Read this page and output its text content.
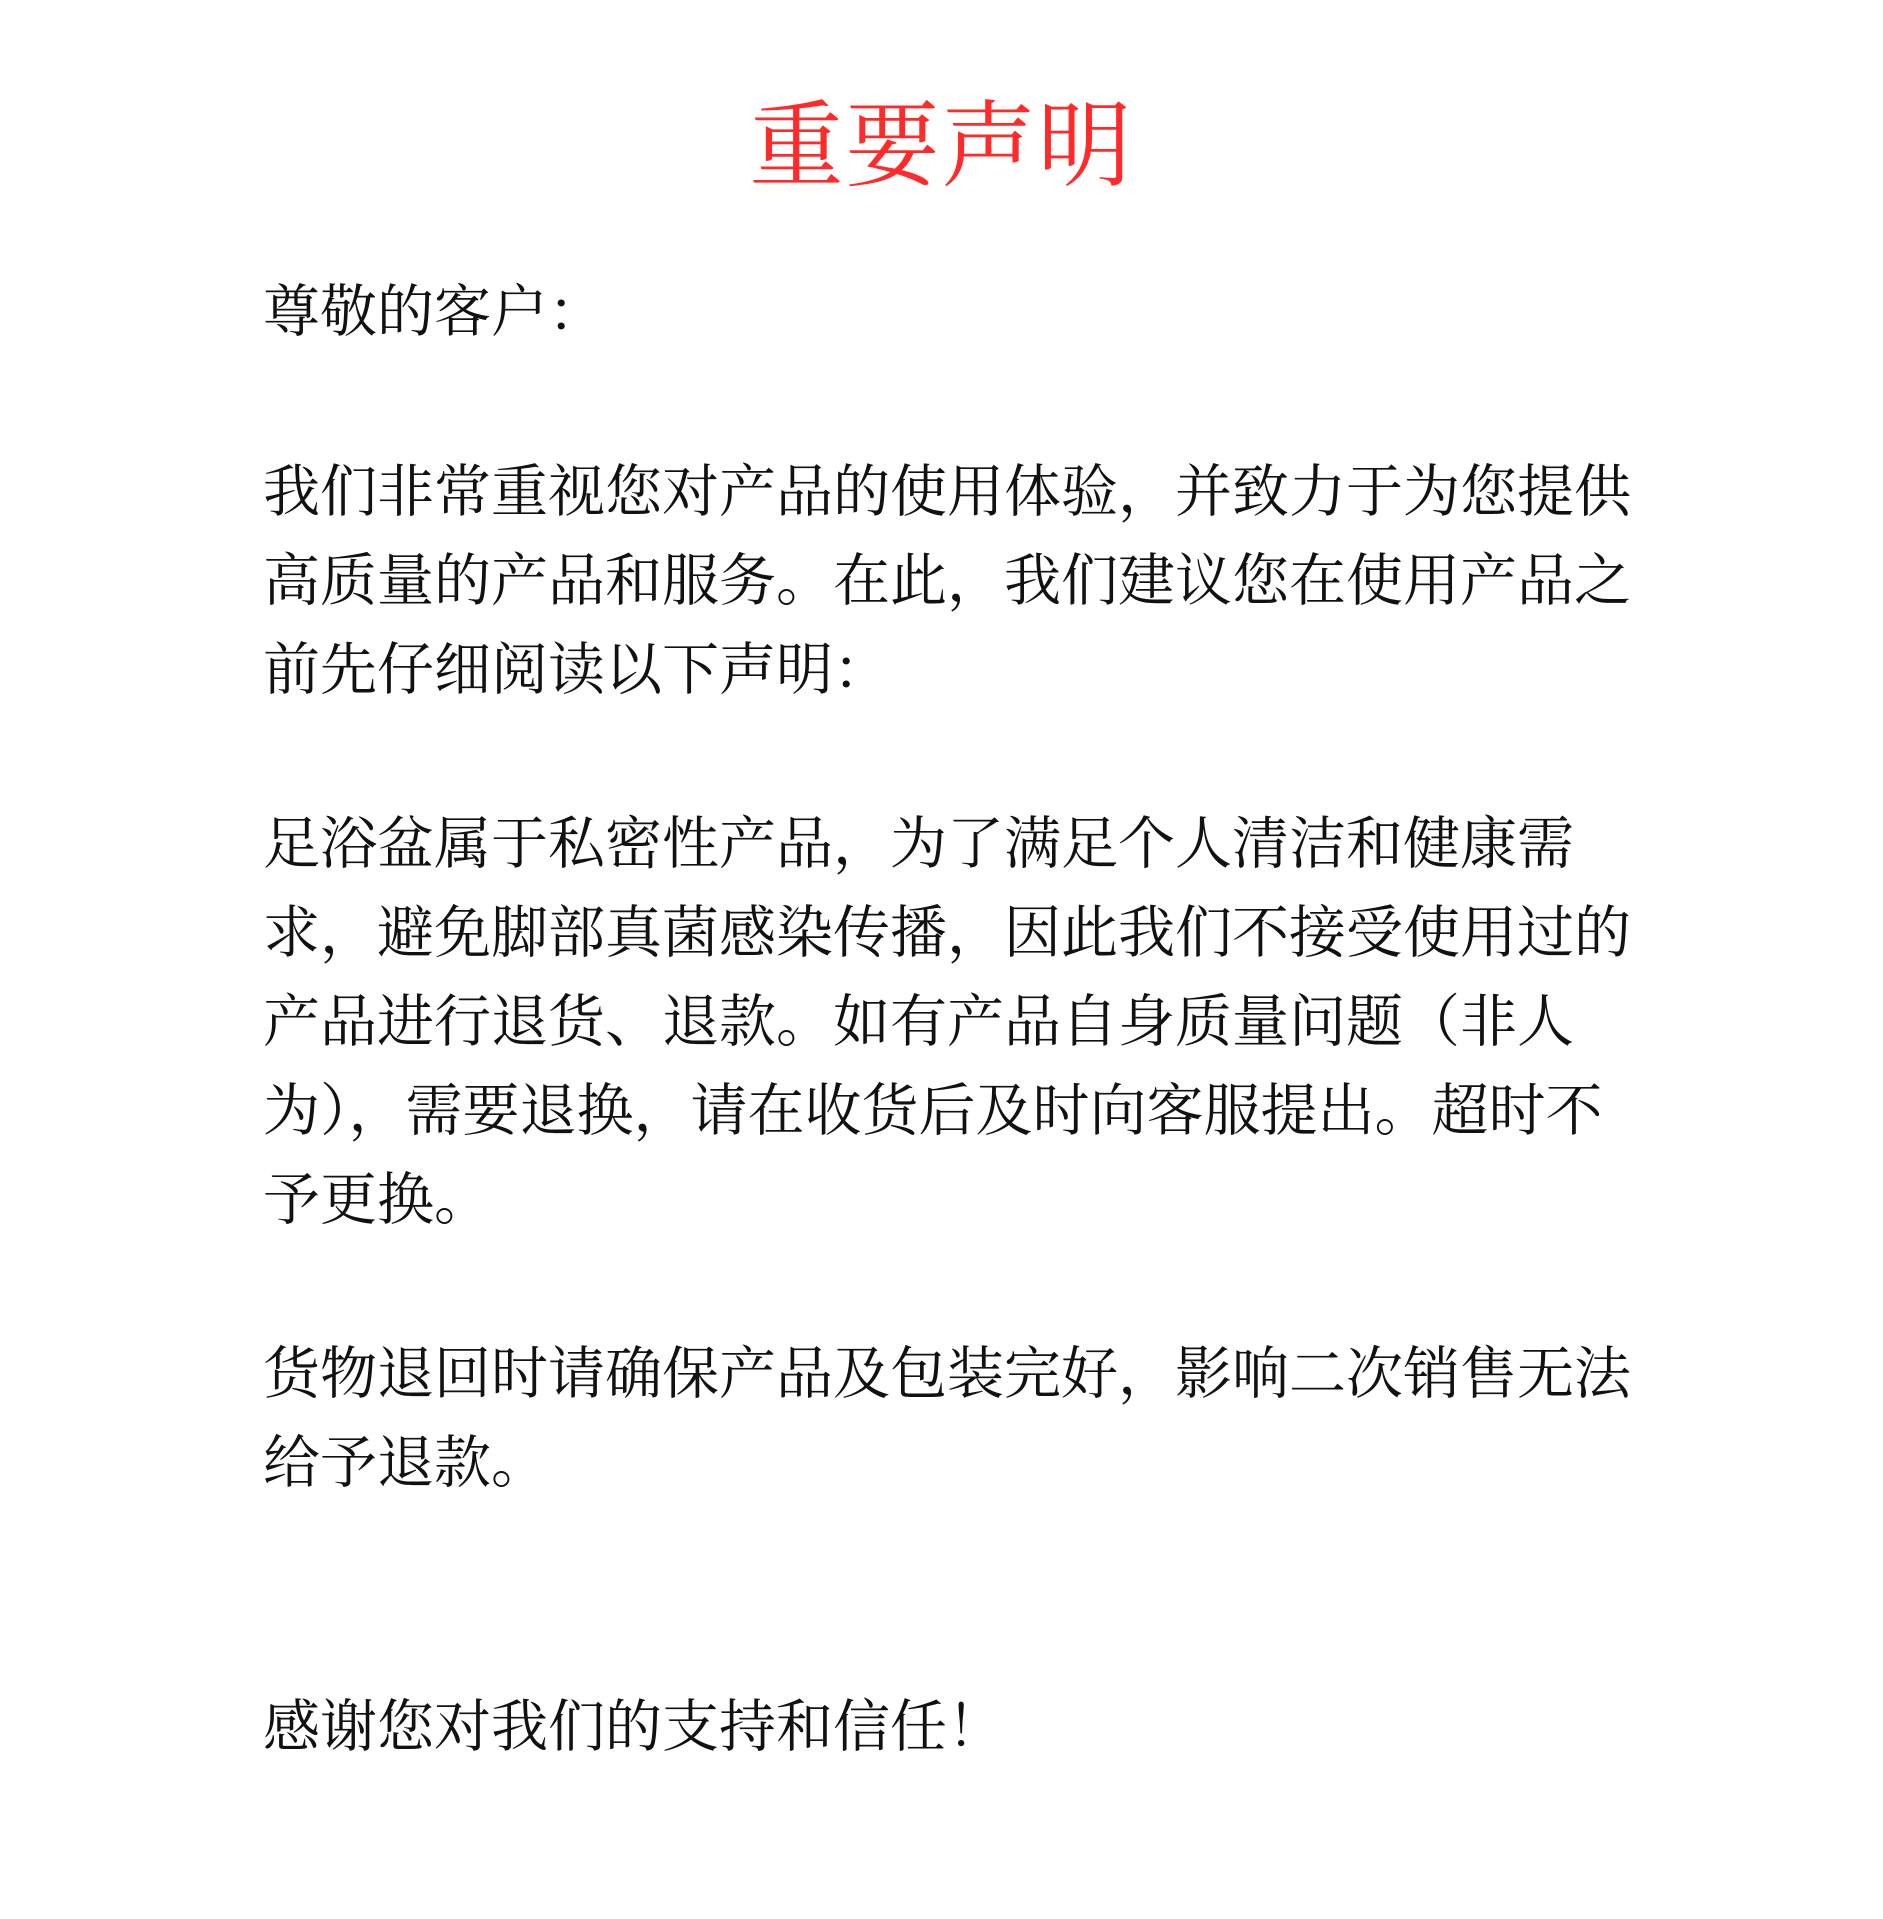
重要声明

尊敬的客户：

我们非常重视您对产品的使用体验，并致力于为您提供高质量的产品和服务。在此，我们建议您在使用产品之前先仔细阅读以下声明：

足浴盆属于私密性产品，为了满足个人清洁和健康需求，避免脚部真菌感染传播，因此我们不接受使用过的产品进行退货、退款。如有产品自身质量问题（非人为），需要退换，请在收货后及时向客服提出。超时不予更换。

货物退回时请确保产品及包装完好，影响二次销售无法给予退款。

感谢您对我们的支持和信任！
